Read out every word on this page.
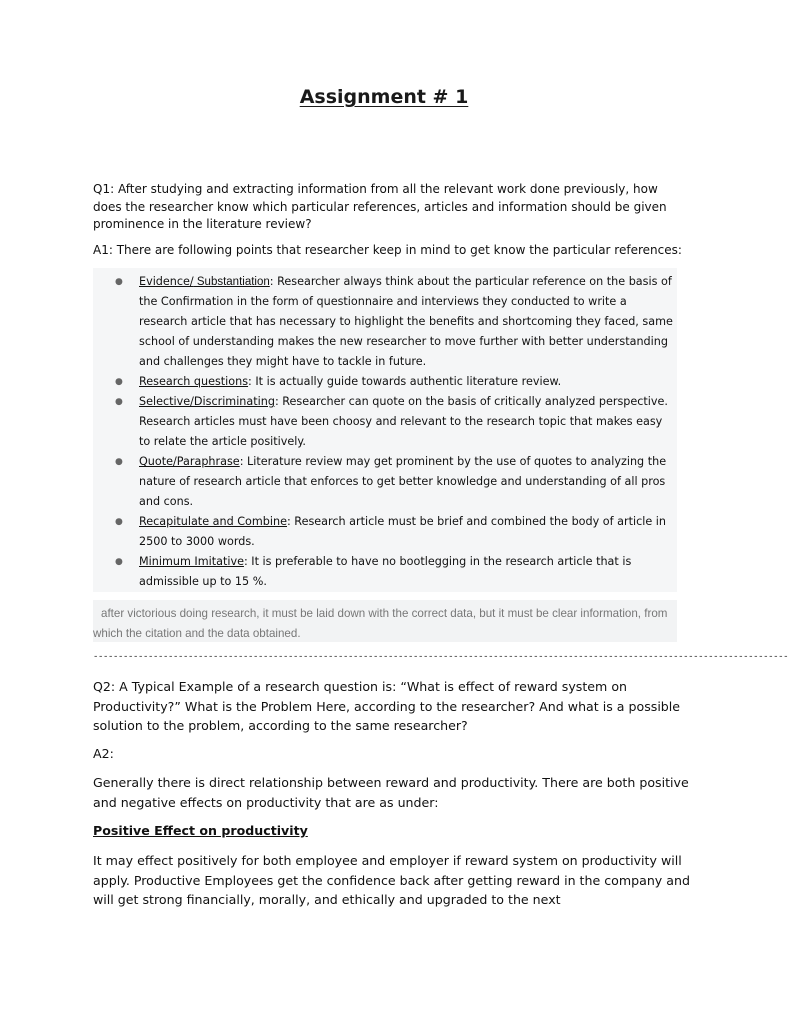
Assignment # 1
Q1: After studying and extracting information from all the relevant work done previously, how does the researcher know which particular references, articles and information should be given prominence in the literature review?
A1: There are following points that researcher keep in mind to get know the particular references:
● Evidence/ Substantiation: Researcher always think about the particular reference on the basis of the Confirmation in the form of questionnaire and interviews they conducted to write a research article that has necessary to highlight the benefits and shortcoming they faced, same school of understanding makes the new researcher to move further with better understanding and challenges they might have to tackle in future.
● Research questions: It is actually guide towards authentic literature review.
● Selective/Discriminating: Researcher can quote on the basis of critically analyzed perspective. Research articles must have been choosy and relevant to the research topic that makes easy to relate the article positively.
● Quote/Paraphrase: Literature review may get prominent by the use of quotes to analyzing the nature of research article that enforces to get better knowledge and understanding of all pros and cons.
● Recapitulate and Combine: Research article must be brief and combined the body of article in 2500 to 3000 words.
● Minimum Imitative: It is preferable to have no bootlegging in the research article that is admissible up to 15 %.
after victorious doing research, it must be laid down with the correct data, but it must be clear information, from which the citation and the data obtained.
-------------------------------------------------------------------------------------------------------------------------------------------
Q2: A Typical Example of a research question is: “What is effect of reward system on Productivity?” What is the Problem Here, according to the researcher? And what is a possible solution to the problem, according to the same researcher?
A2:
Generally there is direct relationship between reward and productivity. There are both positive and negative effects on productivity that are as under:
Positive Effect on productivity
It may effect positively for both employee and employer if reward system on productivity will apply. Productive Employees get the confidence back after getting reward in the company and will get strong financially, morally, and ethically and upgraded to the next
